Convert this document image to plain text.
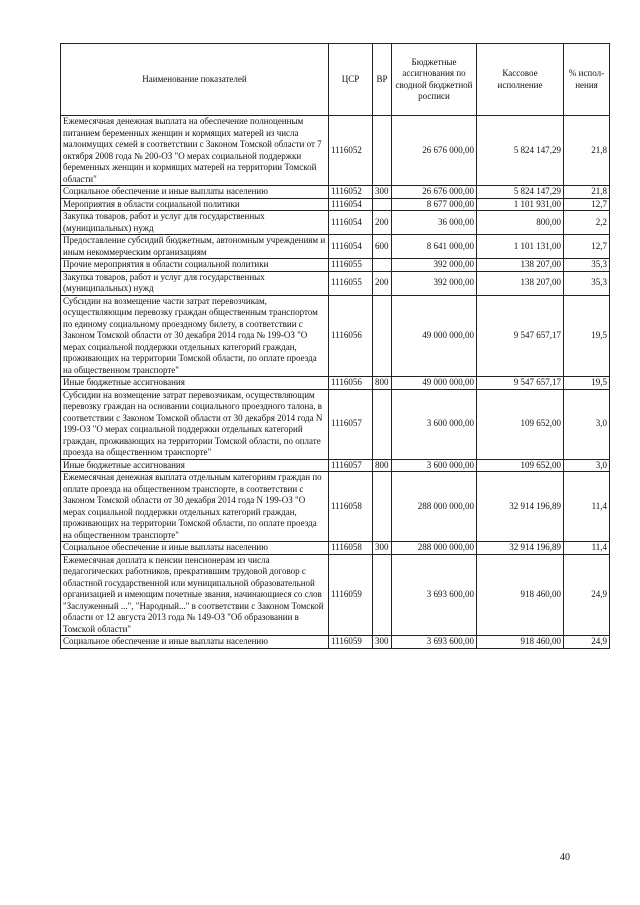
Наименование показателей	ЦСР	ВР	Бюджетные ассигнования по сводной бюджетной росписи	Кассовое исполнение	% испол-нения
Ежемесячная денежная выплата на обеспечение полноценным питанием беременных женщин и кормящих матерей из числа малоимущих семей в соответствии с Законом Томской области от 7 октября 2008 года № 200-ОЗ "О мерах социальной поддержки беременных женщин и кормящих матерей на территории Томской области"	1116052		26 676 000,00	5 824 147,29	21,8
Социальное обеспечение и иные выплаты населению	1116052	300	26 676 000,00	5 824 147,29	21,8
Мероприятия в области социальной политики	1116054		8 677 000,00	1 101 931,00	12,7
Закупка товаров, работ и услуг для государственных (муниципальных) нужд	1116054	200	36 000,00	800,00	2,2
Предоставление субсидий бюджетным, автономным учреждениям и иным некоммерческим организациям	1116054	600	8 641 000,00	1 101 131,00	12,7
Прочие мероприятия в области социальной политики	1116055		392 000,00	138 207,00	35,3
Закупка товаров, работ и услуг для государственных (муниципальных) нужд	1116055	200	392 000,00	138 207,00	35,3
Субсидии на возмещение части затрат перевозчикам, осуществляющим перевозку граждан общественным транспортом по единому социальному проездному билету, в соответствии с Законом Томской области от 30 декабря 2014 года № 199-ОЗ "О мерах социальной поддержки отдельных категорий граждан, проживающих на территории Томской области, по оплате проезда на общественном транспорте"	1116056		49 000 000,00	9 547 657,17	19,5
Иные бюджетные ассигнования	1116056	800	49 000 000,00	9 547 657,17	19,5
Субсидии на возмещение затрат перевозчикам, осуществляющим перевозку граждан на основании социального проездного талона, в соответствии с Законом Томской области от 30 декабря 2014 года N 199-ОЗ "О мерах социальной поддержки отдельных категорий граждан, проживающих на территории Томской области, по оплате проезда на общественном транспорте"	1116057		3 600 000,00	109 652,00	3,0
Иные бюджетные ассигнования	1116057	800	3 600 000,00	109 652,00	3,0
Ежемесячная денежная выплата отдельным категориям граждан по оплате проезда на общественном транспорте, в соответствии с Законом Томской области от 30 декабря 2014 года N 199-ОЗ "О мерах социальной поддержки отдельных категорий граждан, проживающих на территории Томской области, по оплате проезда на общественном транспорте"	1116058		288 000 000,00	32 914 196,89	11,4
Социальное обеспечение и иные выплаты населению	1116058	300	288 000 000,00	32 914 196,89	11,4
Ежемесячная доплата к пенсии пенсионерам из числа педагогических работников, прекратившим трудовой договор с областной государственной или муниципальной образовательной организацией и имеющим почетные звания, начинающиеся со слов "Заслуженный ...", "Народный..." в соответствии с Законом Томской области от 12 августа 2013 года № 149-ОЗ "Об образовании в Томской области"	1116059		3 693 600,00	918 460,00	24,9
Социальное обеспечение и иные выплаты населению	1116059	300	3 693 600,00	918 460,00	24,9
40
